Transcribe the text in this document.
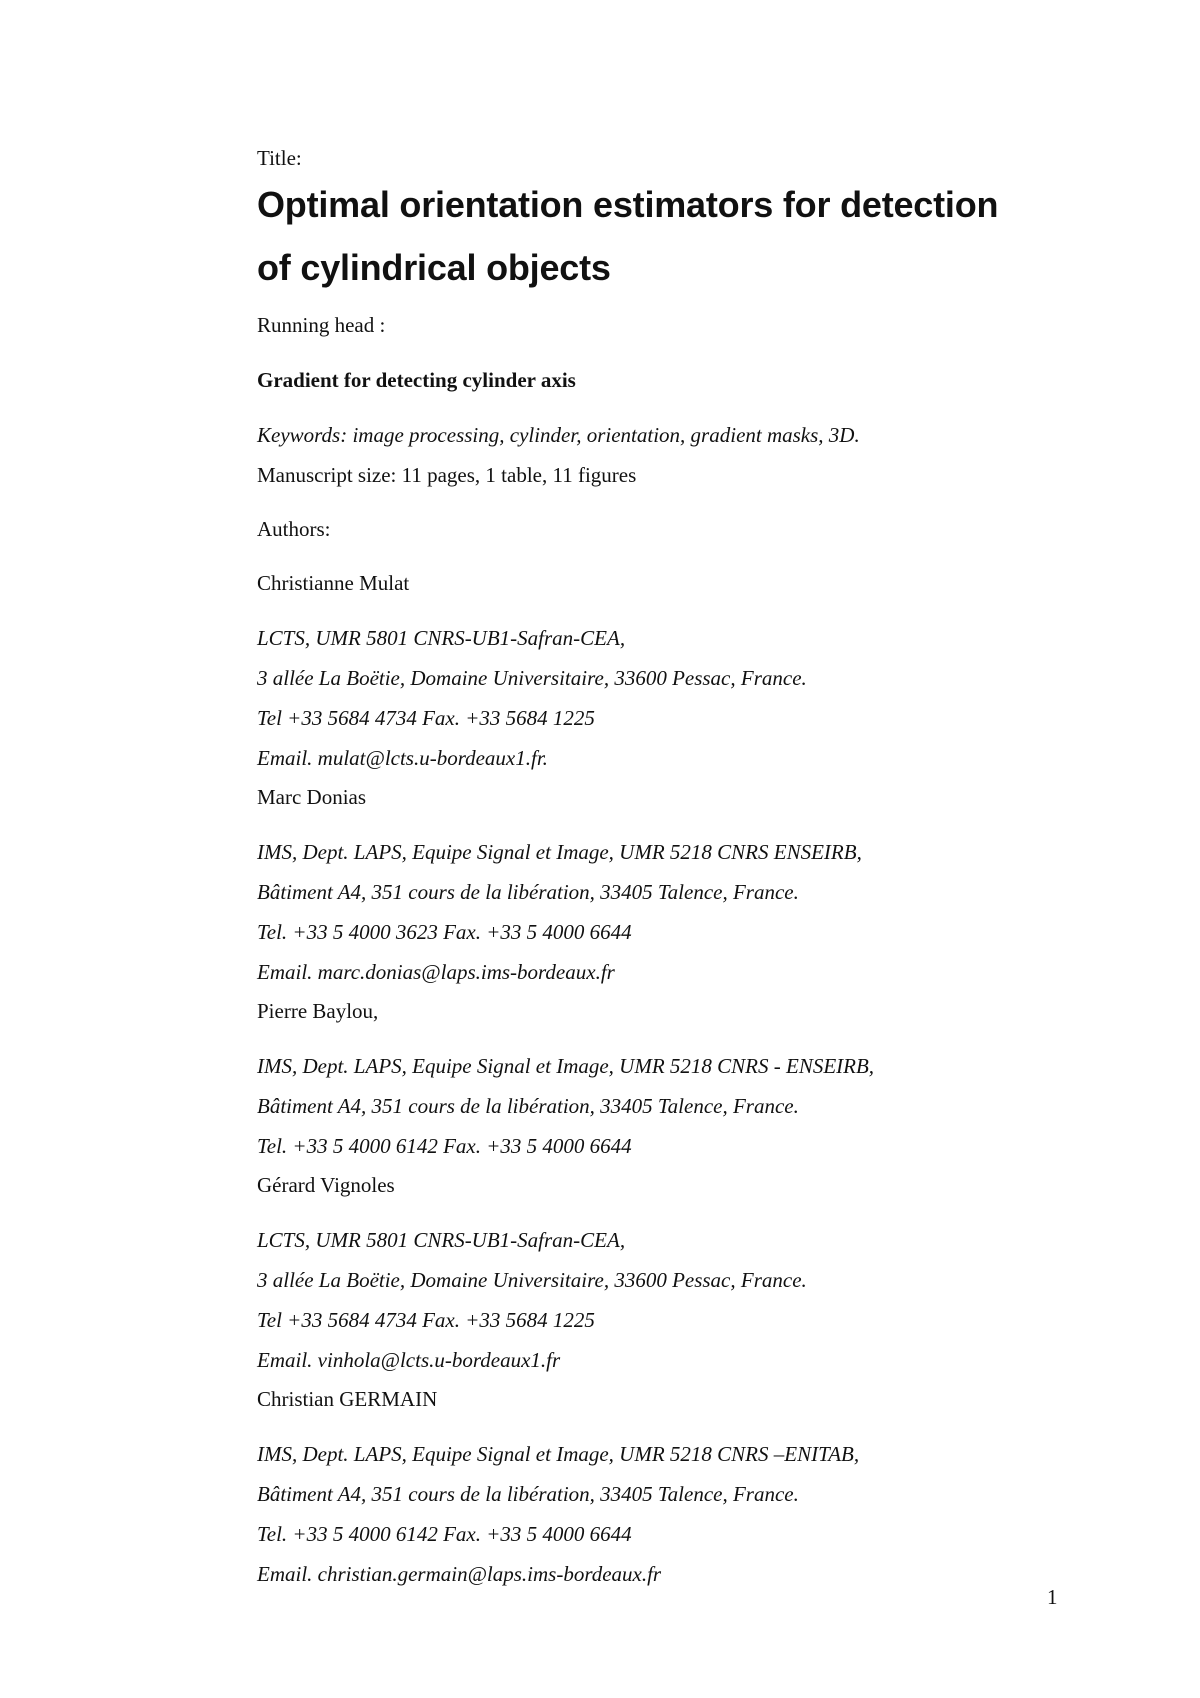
Title:
Optimal orientation estimators for detection
of cylindrical objects
Running head :
Gradient for detecting cylinder axis
Keywords: image processing, cylinder, orientation, gradient masks, 3D.
Manuscript size: 11 pages, 1 table, 11 figures
Authors:
Christianne Mulat
LCTS, UMR 5801 CNRS-UB1-Safran-CEA,
3 allée La Boëtie, Domaine Universitaire, 33600 Pessac, France.
Tel +33 5684 4734 Fax. +33 5684 1225
Email. mulat@lcts.u-bordeaux1.fr.
Marc Donias
IMS, Dept. LAPS, Equipe Signal et Image, UMR 5218 CNRS ENSEIRB,
Bâtiment A4, 351 cours de la libération, 33405 Talence, France.
Tel. +33 5 4000 3623 Fax. +33 5 4000 6644
Email. marc.donias@laps.ims-bordeaux.fr
Pierre Baylou,
IMS, Dept. LAPS, Equipe Signal et Image, UMR 5218 CNRS - ENSEIRB,
Bâtiment A4, 351 cours de la libération, 33405 Talence, France.
Tel. +33 5 4000 6142 Fax. +33 5 4000 6644
Gérard Vignoles
LCTS, UMR 5801 CNRS-UB1-Safran-CEA,
3 allée La Boëtie, Domaine Universitaire, 33600 Pessac, France.
Tel +33 5684 4734 Fax. +33 5684 1225
Email. vinhola@lcts.u-bordeaux1.fr
Christian GERMAIN
IMS, Dept. LAPS, Equipe Signal et Image, UMR 5218 CNRS –ENITAB,
Bâtiment A4, 351 cours de la libération, 33405 Talence, France.
Tel. +33 5 4000 6142 Fax. +33 5 4000 6644
Email. christian.germain@laps.ims-bordeaux.fr
1
